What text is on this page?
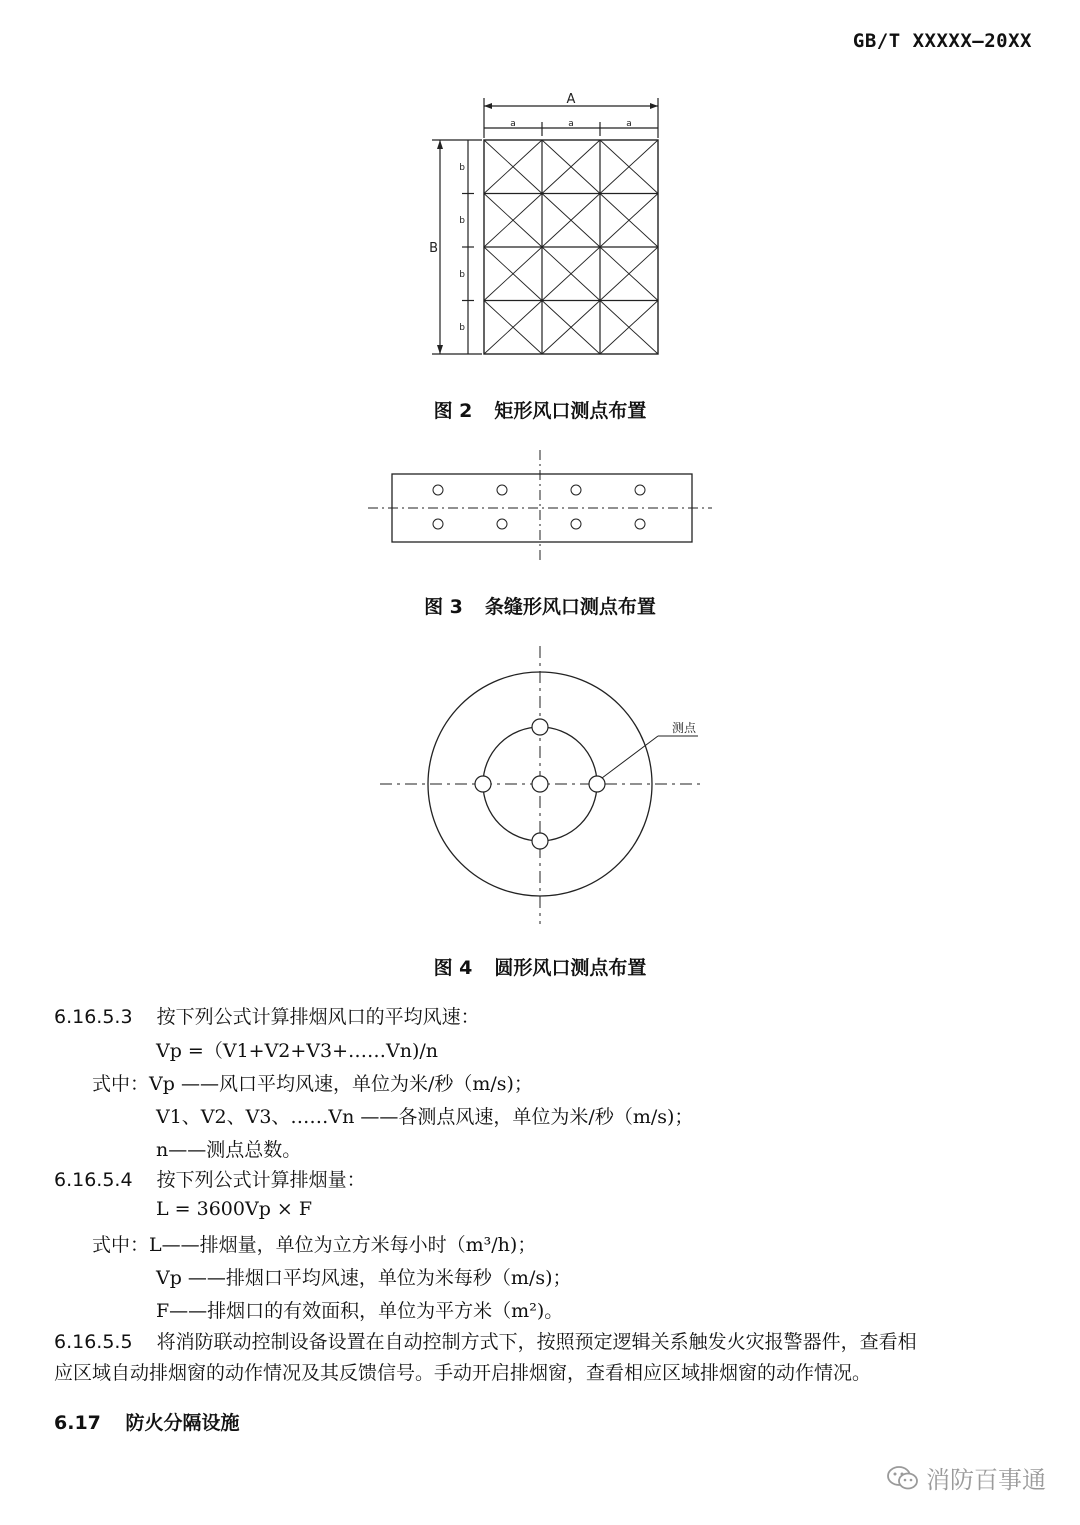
GB/T XXXXX—20XX
A
a	a	a
B
b
b
b
b
图 2 矩形风口测点布置
图 3 条缝形风口测点布置
测点
图 4 圆形风口测点布置
6.16.5.3 按下列公式计算排烟风口的平均风速：
Vp =（V1+V2+V3+……Vn)/n
式中：Vp ——风口平均风速，单位为米/秒（m/s)；
V1、V2、V3、……Vn ——各测点风速，单位为米/秒（m/s)；
n——测点总数。
6.16.5.4 按下列公式计算排烟量：
L = 3600Vp × F
式中：L——排烟量，单位为立方米每小时（m³/h)；
Vp ——排烟口平均风速，单位为米每秒（m/s)；
F——排烟口的有效面积，单位为平方米（m²)。
6.16.5.5 将消防联动控制设备设置在自动控制方式下，按照预定逻辑关系触发火灾报警器件，查看相
应区域自动排烟窗的动作情况及其反馈信号。手动开启排烟窗，查看相应区域排烟窗的动作情况。
6.17 防火分隔设施
消防百事通
